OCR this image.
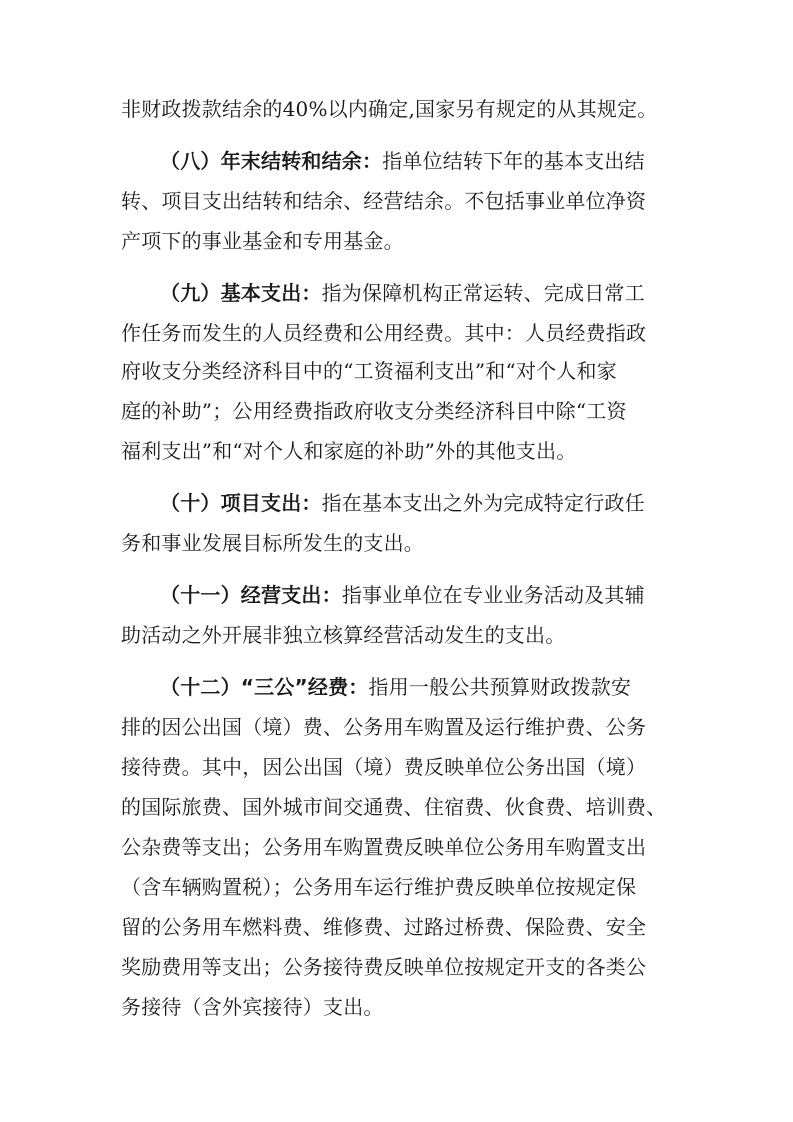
非财政拨款结余的40%以内确定,国家另有规定的从其规定。
（八）年末结转和结余：指单位结转下年的基本支出结
转、项目支出结转和结余、经营结余。不包括事业单位净资
产项下的事业基金和专用基金。
（九）基本支出：指为保障机构正常运转、完成日常工
作任务而发生的人员经费和公用经费。其中：人员经费指政
府收支分类经济科目中的“工资福利支出”和“对个人和家
庭的补助”；公用经费指政府收支分类经济科目中除“工资
福利支出”和“对个人和家庭的补助”外的其他支出。
（十）项目支出：指在基本支出之外为完成特定行政任
务和事业发展目标所发生的支出。
（十一）经营支出：指事业单位在专业业务活动及其辅
助活动之外开展非独立核算经营活动发生的支出。
（十二）“三公”经费：指用一般公共预算财政拨款安
排的因公出国（境）费、公务用车购置及运行维护费、公务
接待费。其中，因公出国（境）费反映单位公务出国（境）
的国际旅费、国外城市间交通费、住宿费、伙食费、培训费、
公杂费等支出；公务用车购置费反映单位公务用车购置支出
（含车辆购置税）；公务用车运行维护费反映单位按规定保
留的公务用车燃料费、维修费、过路过桥费、保险费、安全
奖励费用等支出；公务接待费反映单位按规定开支的各类公
务接待（含外宾接待）支出。
